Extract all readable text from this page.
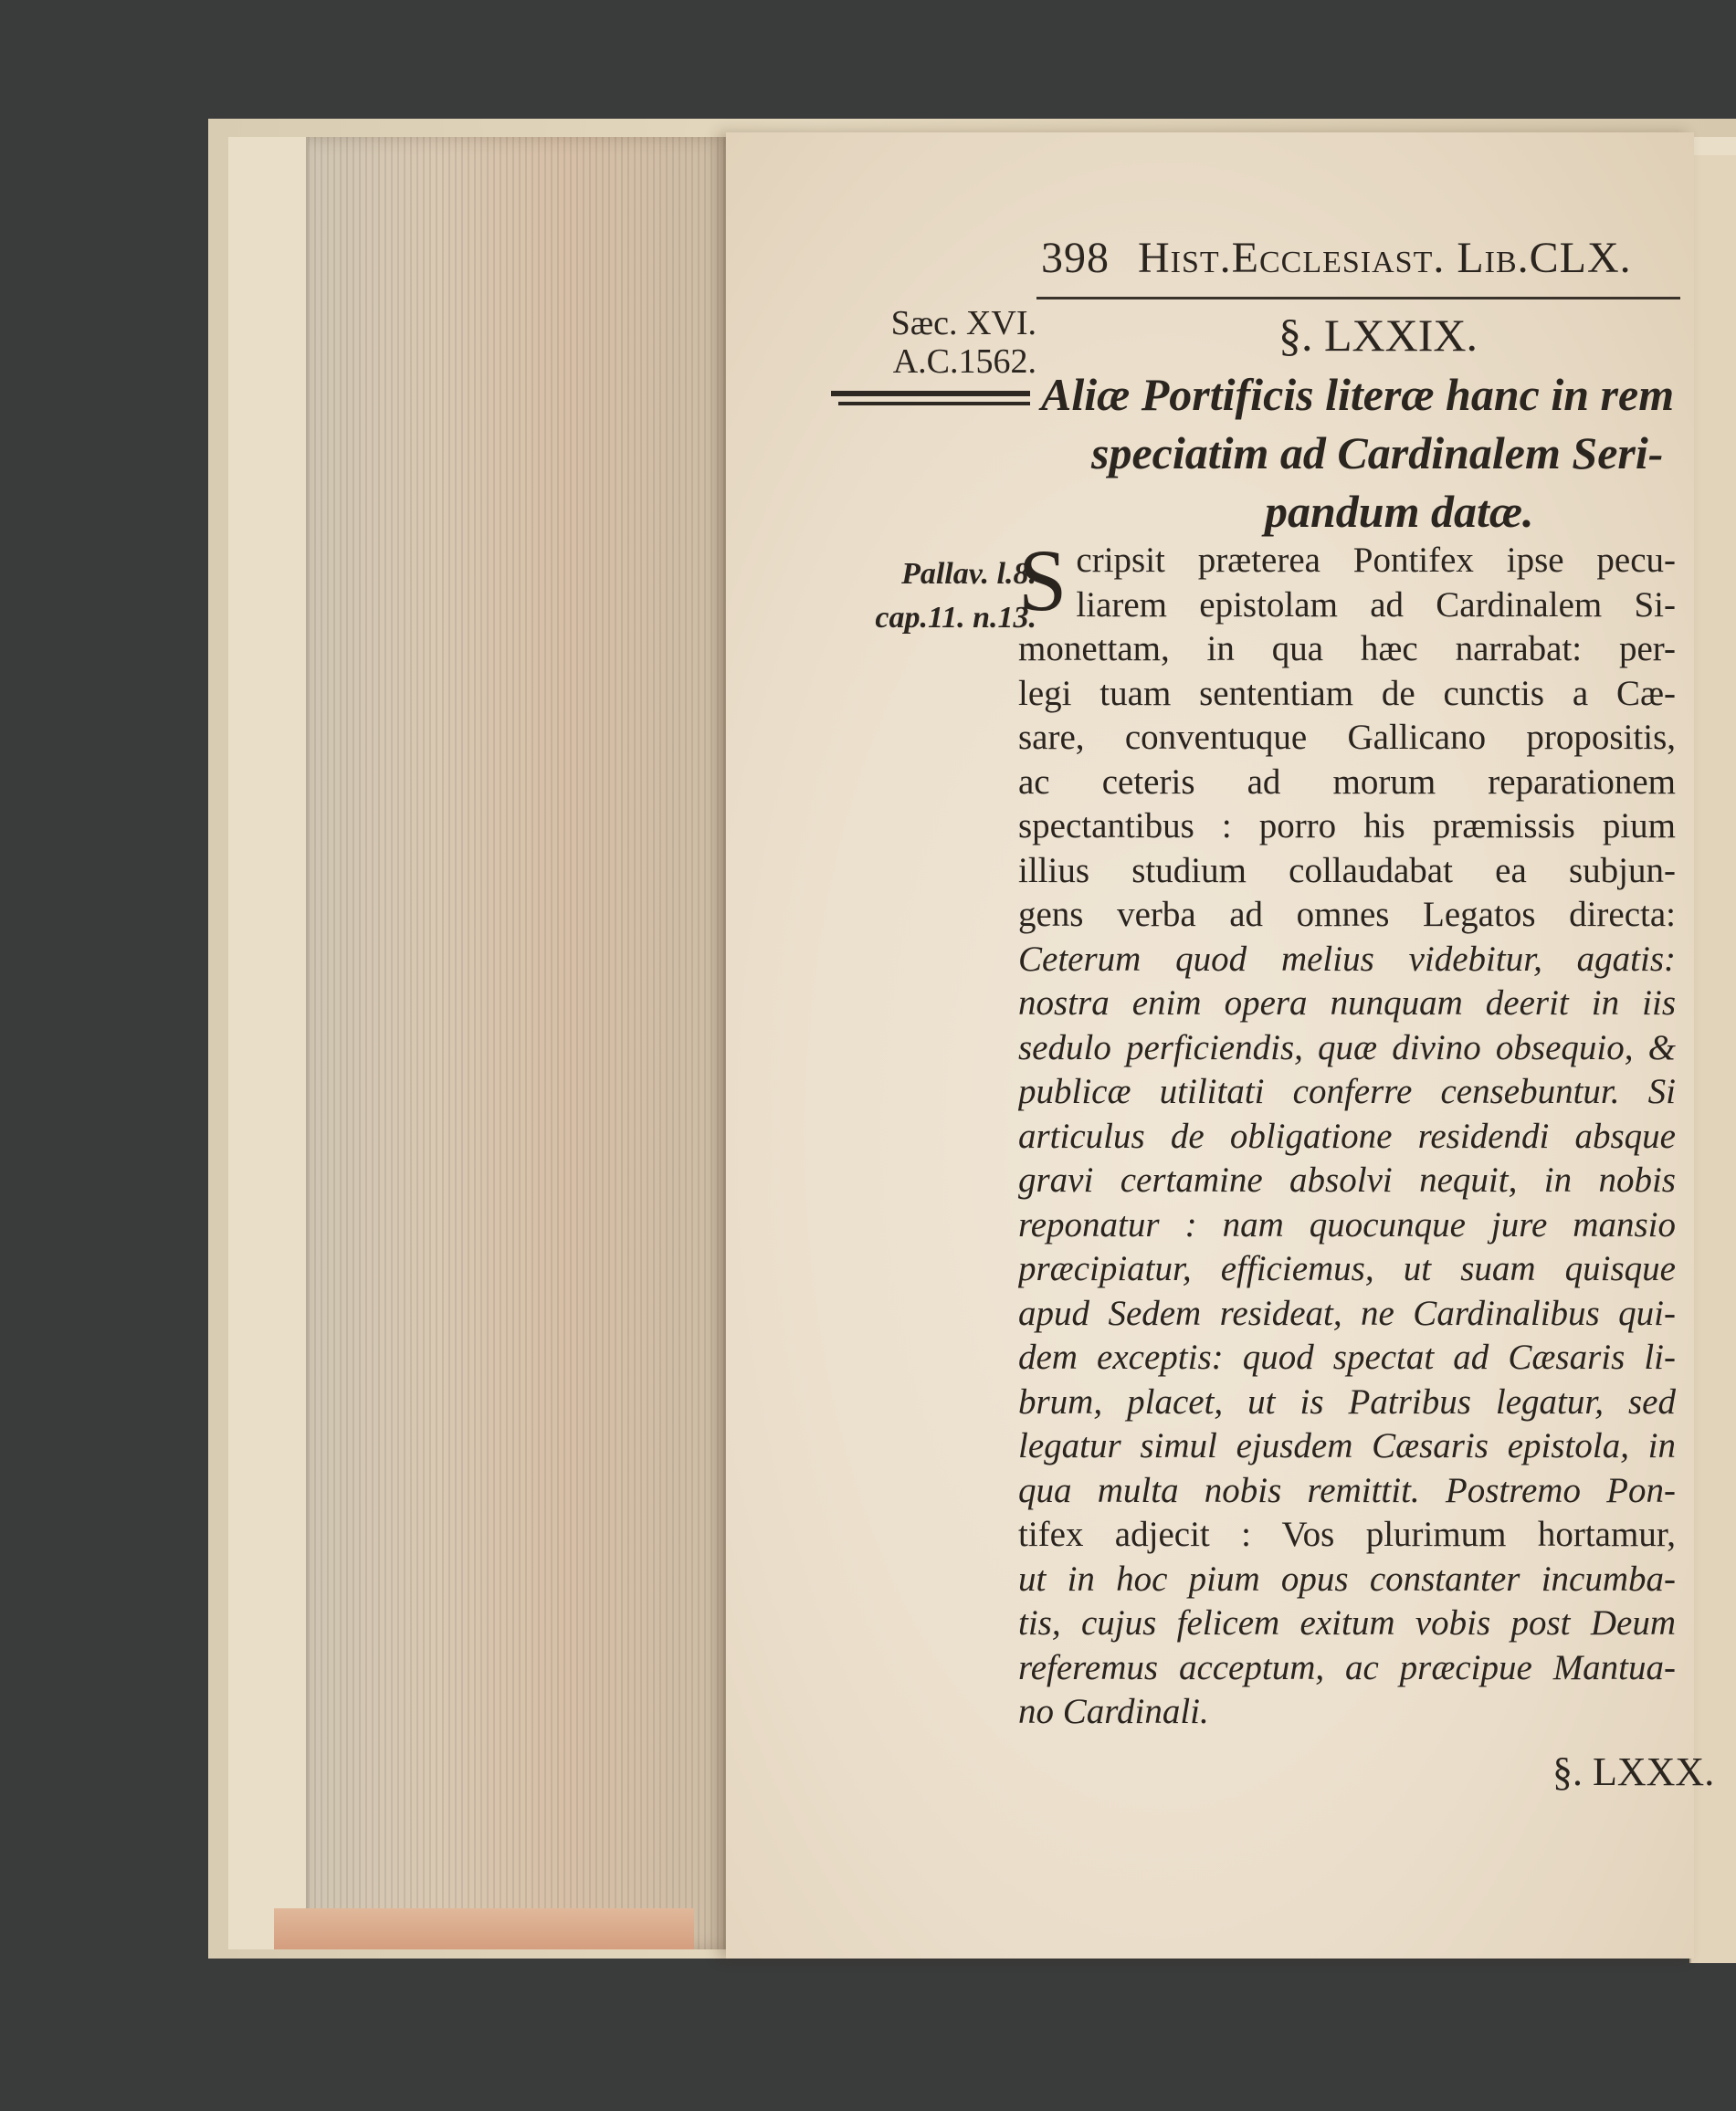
398 Hist.Ecclesiast. Lib.CLX.
Sæc. XVI.
A.C.1562.
§. LXXIX.
Aliæ Portificis literæ hanc in rem
speciatim ad Cardinalem Seri-
pandum datæ.
Pallav. l.8.
cap.11. n.13.
S cripsit præterea Pontifex ipse pecu-
liarem epistolam ad Cardinalem Si-
monettam, in qua hæc narrabat: per-
legi tuam sententiam de cunctis a Cæ-
sare, conventuque Gallicano propositis,
ac ceteris ad morum reparationem
spectantibus : porro his præmissis pium
illius studium collaudabat ea subjun-
gens verba ad omnes Legatos directa:
Ceterum quod melius videbitur, agatis:
nostra enim opera nunquam deerit in iis
sedulo perficiendis, quæ divino obsequio, &
publicæ utilitati conferre censebuntur. Si
articulus de obligatione residendi absque
gravi certamine absolvi nequit, in nobis
reponatur : nam quocunque jure mansio
præcipiatur, efficiemus, ut suam quisque
apud Sedem resideat, ne Cardinalibus qui-
dem exceptis: quod spectat ad Cæsaris li-
brum, placet, ut is Patribus legatur, sed
legatur simul ejusdem Cæsaris epistola, in
qua multa nobis remittit. Postremo Pon-
tifex adjecit : Vos plurimum hortamur,
ut in hoc pium opus constanter incumba-
tis, cujus felicem exitum vobis post Deum
referemus acceptum, ac præcipue Mantua-
no Cardinali.
§. LXXX.
